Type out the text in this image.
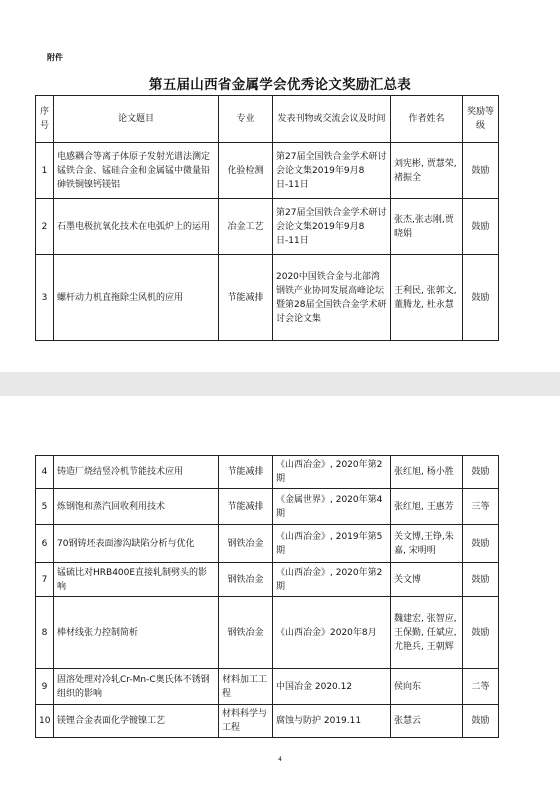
附件
第五届山西省金属学会优秀论文奖励汇总表
序号	论文题目	专业	发表刊物或交流会议及时间	作者姓名	奖励等级
1	电感耦合等离子体原子发射光谱法测定锰铁合金、锰硅合金和金属锰中微量铅砷铁铜镍钙镁铝	化验检测	第27届全国铁合金学术研讨会论文集2019年9月8日-11日	刘宪彬, 贾慧荣, 褚振全	鼓励
2	石墨电极抗氧化技术在电弧炉上的运用	冶金工艺	第27届全国铁合金学术研讨会论文集2019年9月8日-11日	张杰,张志刚,贾晓娟	鼓励
3	螺杆动力机直拖除尘风机的应用	节能减排	2020中国铁合金与北部湾钢铁产业协同发展高峰论坛暨第28届全国铁合金学术研讨会论文集	王利民, 张郭文, 董腾龙, 杜永慧	鼓励
4	铸造厂烧结竖冷机节能技术应用	节能减排	《山西冶金》, 2020年第2期	张红旭, 杨小胜	鼓励
5	炼钢饱和蒸汽回收利用技术	节能减排	《金属世界》, 2020年第4期	张红旭, 王惠芳	三等
6	70钢铸坯表面渗沟缺陷分析与优化	钢铁冶金	《山西冶金》, 2019年第5期	关文博,王铮,朱嘉, 宋明明	鼓励
7	锰硫比对HRB400E直接轧制劈头的影响	钢铁冶金	《山西冶金》, 2020年第2期	关文博	鼓励
8	棒材线张力控制简析	钢铁冶金	《山西冶金》2020年8月	魏建宏, 张智应, 王保勤, 任斌应, 尤艳兵, 王朝辉	鼓励
9	固溶处理对冷轧Cr-Mn-C奥氏体不锈钢组织的影响	材料加工工程	中国冶金 2020.12	侯向东	二等
10	镁锂合金表面化学镀镍工艺	材料科学与工程	腐蚀与防护 2019.11	张慧云	鼓励
4
